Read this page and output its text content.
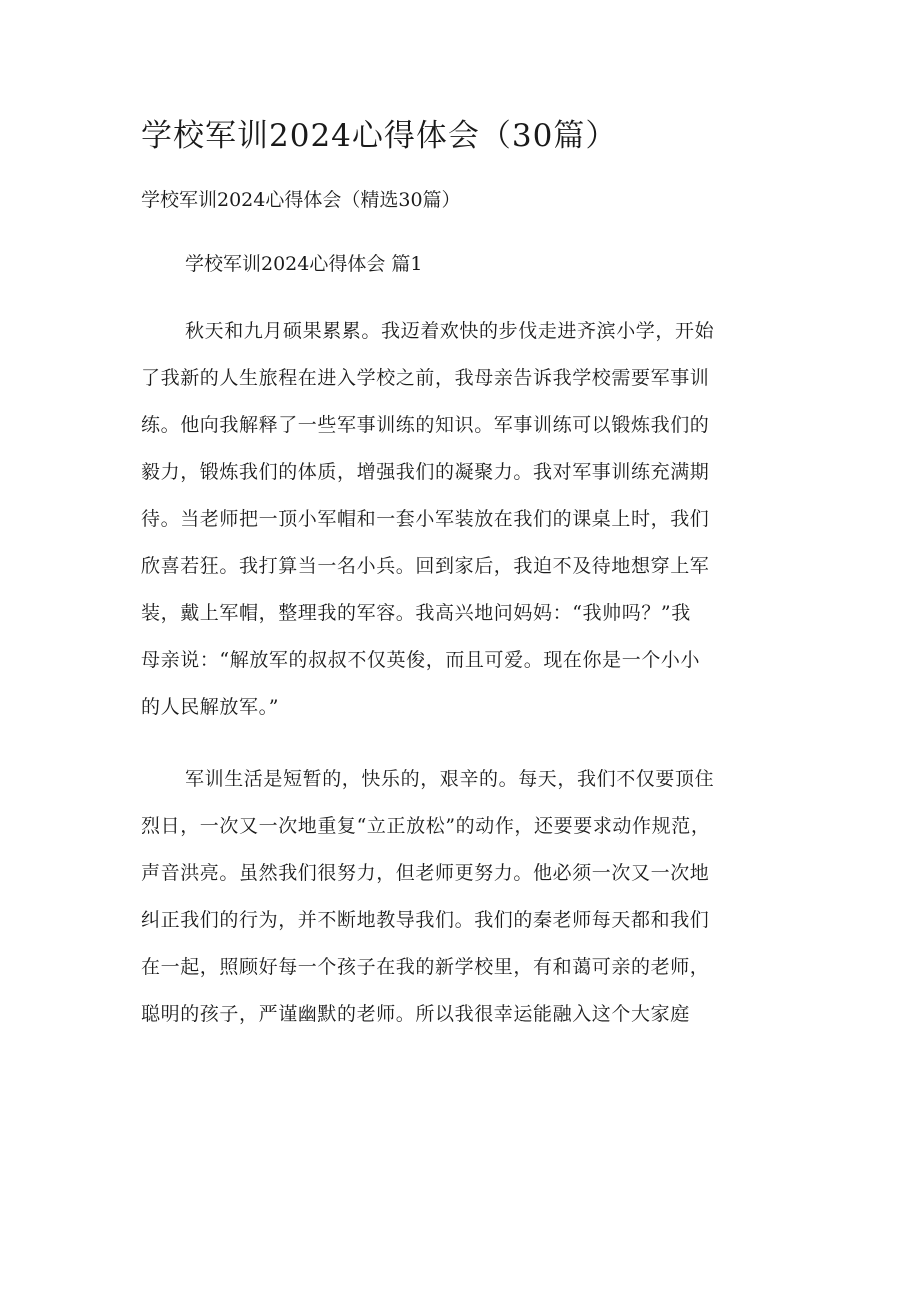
学校军训2024心得体会（30篇）

学校军训2024心得体会（精选30篇）

学校军训2024心得体会 篇1

秋天和九月硕果累累。我迈着欢快的步伐走进齐滨小学，开始
了我新的人生旅程在进入学校之前，我母亲告诉我学校需要军事训
练。他向我解释了一些军事训练的知识。军事训练可以锻炼我们的
毅力，锻炼我们的体质，增强我们的凝聚力。我对军事训练充满期
待。当老师把一顶小军帽和一套小军装放在我们的课桌上时，我们
欣喜若狂。我打算当一名小兵。回到家后，我迫不及待地想穿上军
装，戴上军帽，整理我的军容。我高兴地问妈妈：“我帅吗？”我
母亲说：“解放军的叔叔不仅英俊，而且可爱。现在你是一个小小
的人民解放军。”
军训生活是短暂的，快乐的，艰辛的。每天，我们不仅要顶住
烈日，一次又一次地重复“立正放松”的动作，还要要求动作规范，
声音洪亮。虽然我们很努力，但老师更努力。他必须一次又一次地
纠正我们的行为，并不断地教导我们。我们的秦老师每天都和我们
在一起，照顾好每一个孩子在我的新学校里，有和蔼可亲的老师，
聪明的孩子，严谨幽默的老师。所以我很幸运能融入这个大家庭
